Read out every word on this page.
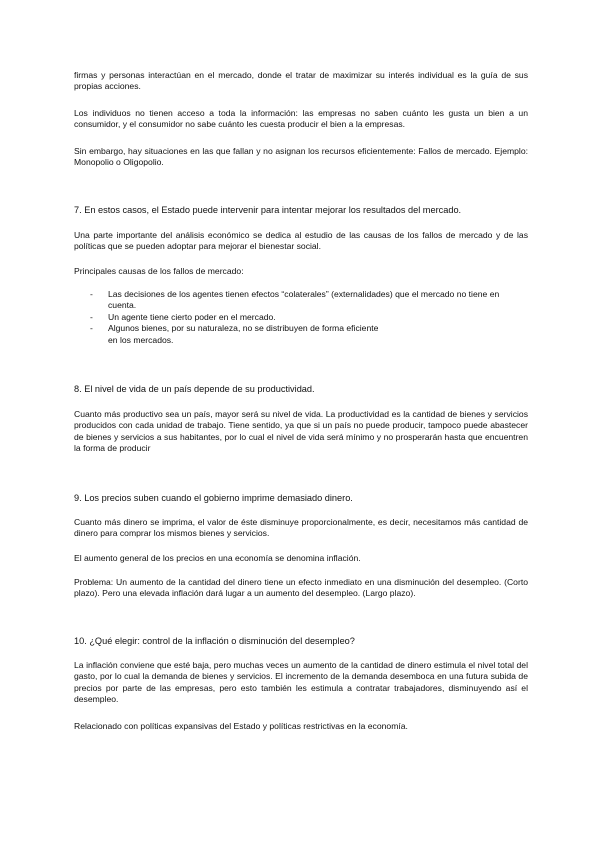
firmas y personas interactúan en el mercado, donde el tratar de maximizar su interés individual es la guía de sus propias acciones.

Los individuos no tienen acceso a toda la información: las empresas no saben cuánto les gusta un bien a un consumidor, y el consumidor no sabe cuánto les cuesta producir el bien a la empresas.

Sin embargo, hay situaciones en las que fallan y no asignan los recursos eficientemente: Fallos de mercado. Ejemplo: Monopolio o Oligopolio.

7. En estos casos, el Estado puede intervenir para intentar mejorar los resultados del mercado.

Una parte importante del análisis económico se dedica al estudio de las causas de los fallos de mercado y de las políticas que se pueden adoptar para mejorar el bienestar social.

Principales causas de los fallos de mercado:

- Las decisiones de los agentes tienen efectos “colaterales” (externalidades) que el mercado no tiene en cuenta.
- Un agente tiene cierto poder en el mercado.
- Algunos bienes, por su naturaleza, no se distribuyen de forma eficiente
en los mercados.

8. El nivel de vida de un país depende de su productividad.

Cuanto más productivo sea un país, mayor será su nivel de vida. La productividad es la cantidad de bienes y servicios producidos con cada unidad de trabajo. Tiene sentido, ya que si un país no puede producir, tampoco puede abastecer de bienes y servicios a sus habitantes, por lo cual el nivel de vida será mínimo y no prosperarán hasta que encuentren la forma de producir

9. Los precios suben cuando el gobierno imprime demasiado dinero.

Cuanto más dinero se imprima, el valor de éste disminuye proporcionalmente, es decir, necesitamos más cantidad de dinero para comprar los mismos bienes y servicios.

El aumento general de los precios en una economía se denomina inflación.

Problema: Un aumento de la cantidad del dinero tiene un efecto inmediato en una disminución del desempleo. (Corto plazo). Pero una elevada inflación dará lugar a un aumento del desempleo. (Largo plazo).

10. ¿Qué elegir: control de la inflación o disminución del desempleo?

La inflación conviene que esté baja, pero muchas veces un aumento de la cantidad de dinero estimula el nivel total del gasto, por lo cual la demanda de bienes y servicios. El incremento de la demanda desemboca en una futura subida de precios por parte de las empresas, pero esto también les estimula a contratar trabajadores, disminuyendo así el desempleo.

Relacionado con políticas expansivas del Estado y políticas restrictivas en la economía.
